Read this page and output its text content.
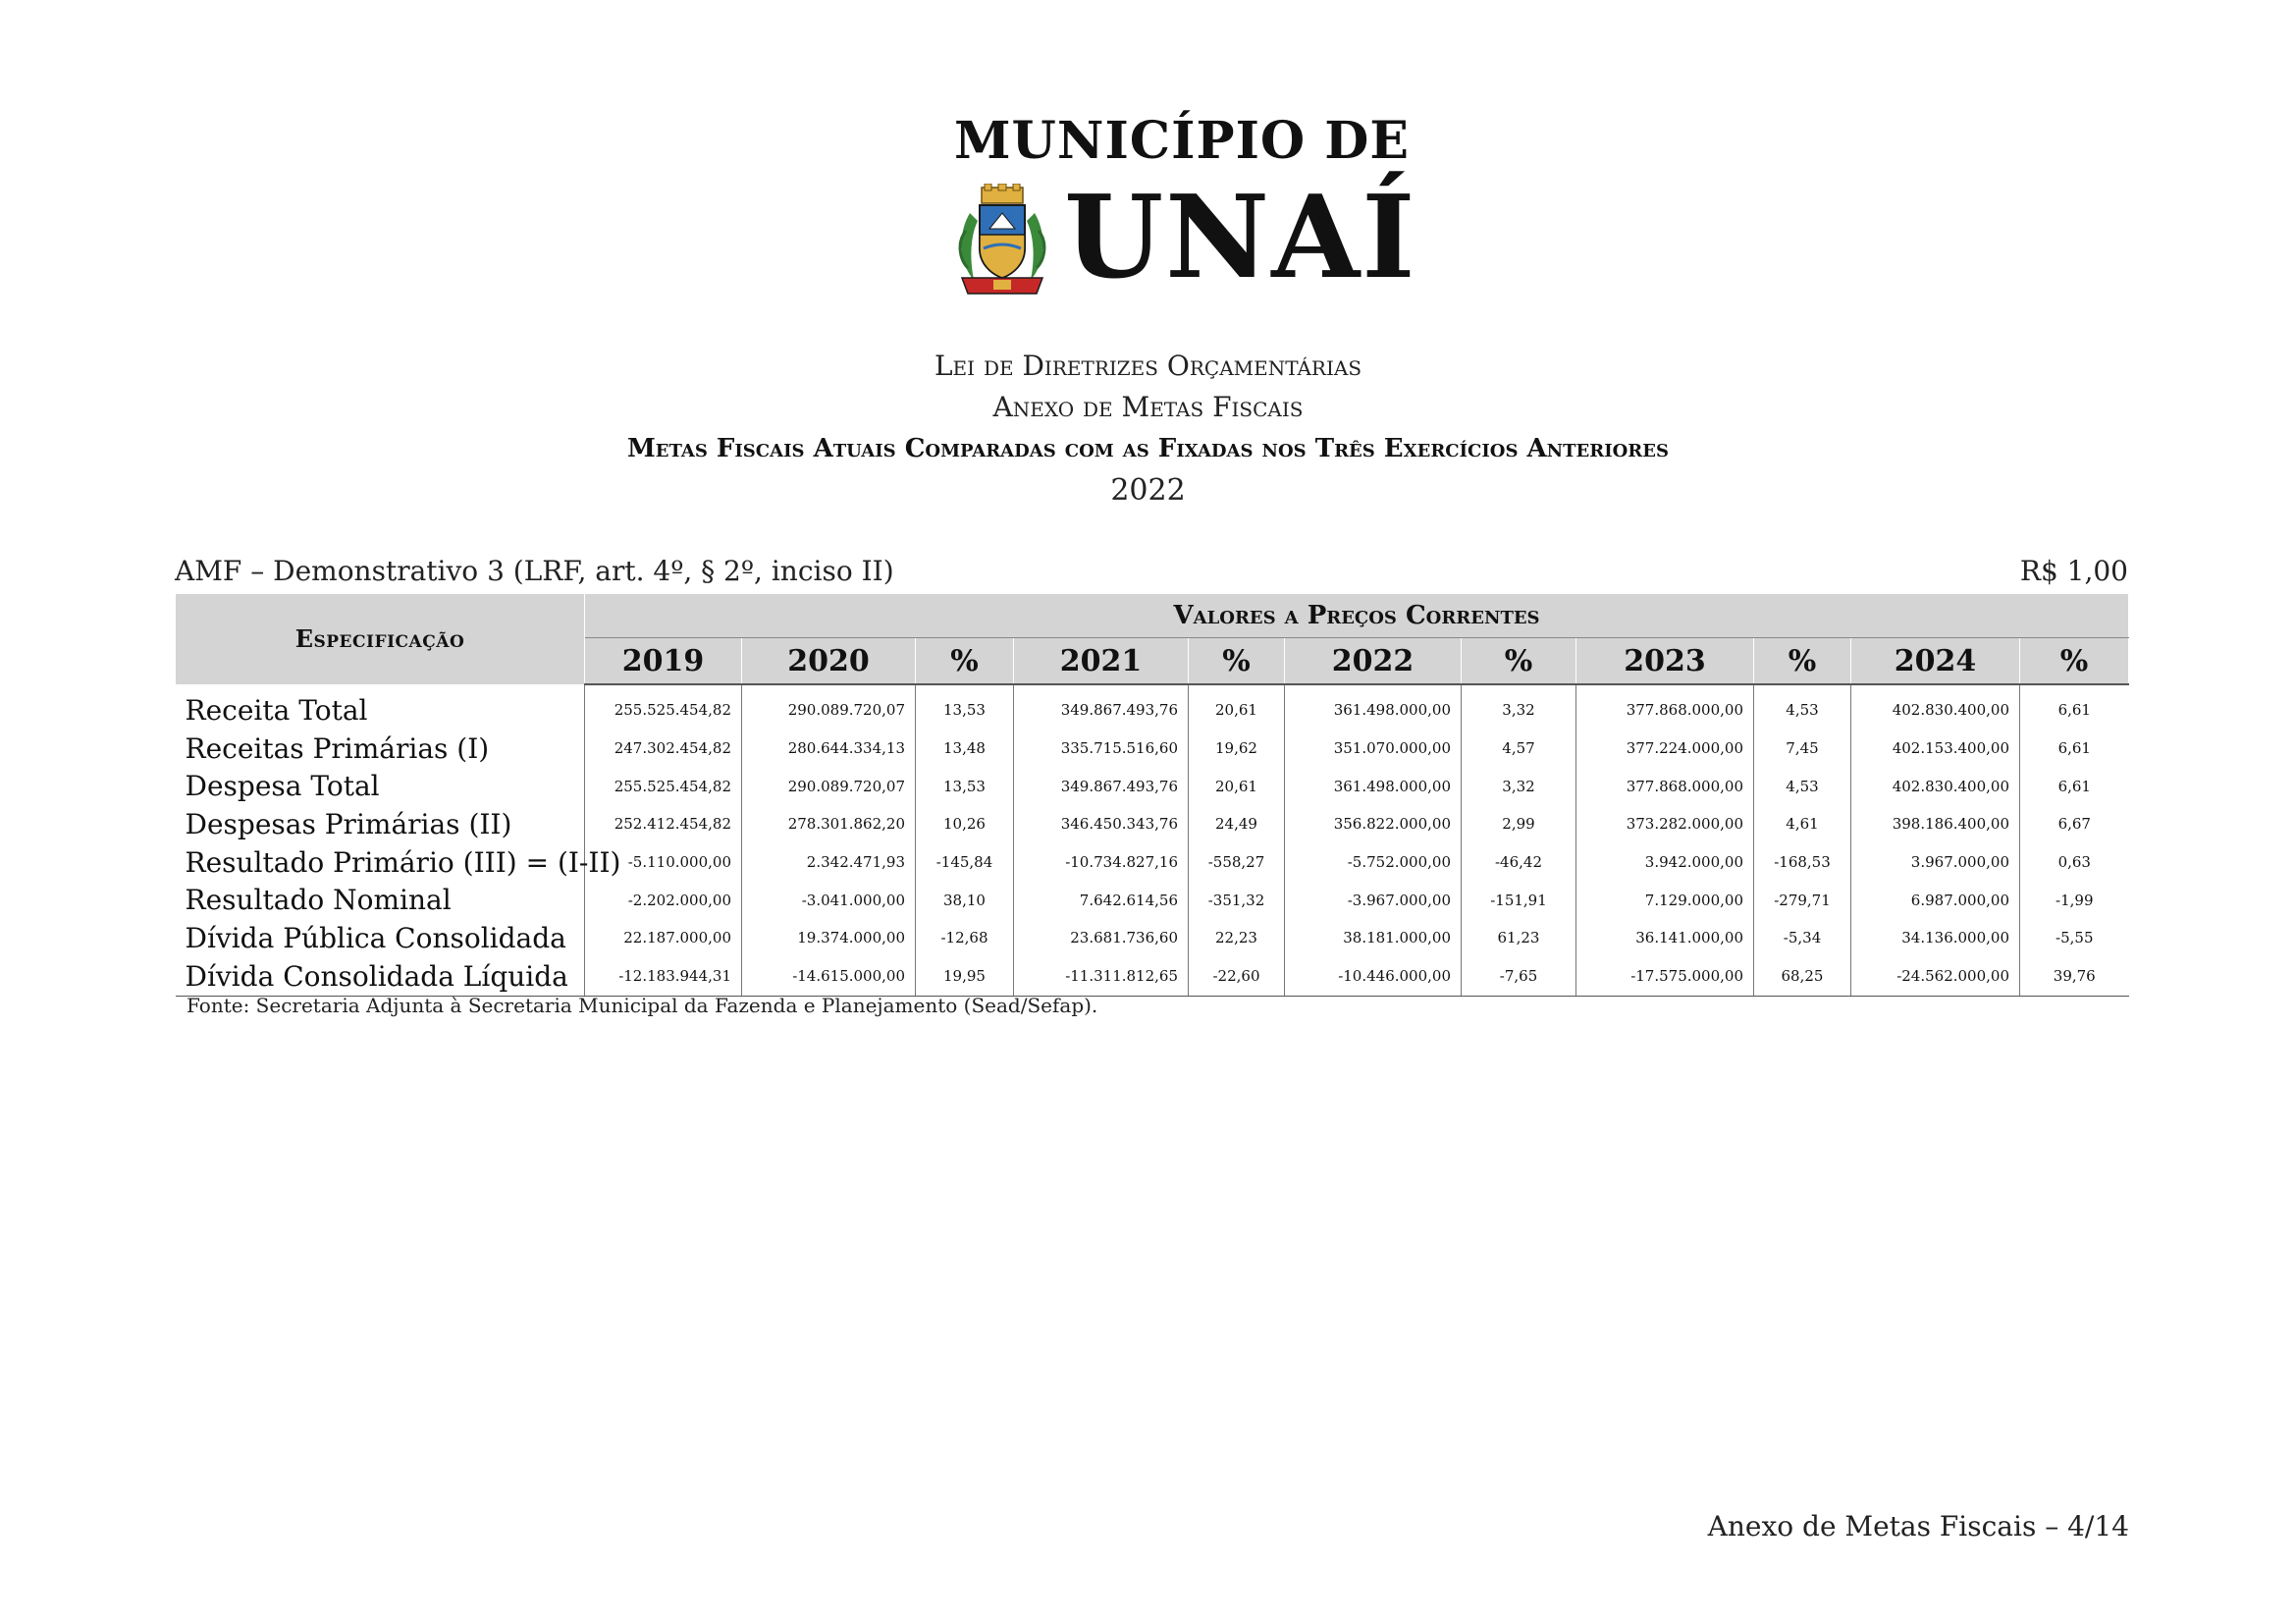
MUNICÍPIO DE
UNAÍ
Lei de Diretrizes Orçamentárias
Anexo de Metas Fiscais
Metas Fiscais Atuais Comparadas com as Fixadas nos Três Exercícios Anteriores
2022
AMF – Demonstrativo 3 (LRF, art. 4º, § 2º, inciso II)	R$ 1,00
Especificação	Valores a Preços Correntes										
	2019	2020	%	2021	%	2022	%	2023	%	2024	%
Receita Total	255.525.454,82	290.089.720,07	13,53	349.867.493,76	20,61	361.498.000,00	3,32	377.868.000,00	4,53	402.830.400,00	6,61
Receitas Primárias (I)	247.302.454,82	280.644.334,13	13,48	335.715.516,60	19,62	351.070.000,00	4,57	377.224.000,00	7,45	402.153.400,00	6,61
Despesa Total	255.525.454,82	290.089.720,07	13,53	349.867.493,76	20,61	361.498.000,00	3,32	377.868.000,00	4,53	402.830.400,00	6,61
Despesas Primárias (II)	252.412.454,82	278.301.862,20	10,26	346.450.343,76	24,49	356.822.000,00	2,99	373.282.000,00	4,61	398.186.400,00	6,67
Resultado Primário (III) = (I-II)	-5.110.000,00	2.342.471,93	-145,84	-10.734.827,16	-558,27	-5.752.000,00	-46,42	3.942.000,00	-168,53	3.967.000,00	0,63
Resultado Nominal	-2.202.000,00	-3.041.000,00	38,10	7.642.614,56	-351,32	-3.967.000,00	-151,91	7.129.000,00	-279,71	6.987.000,00	-1,99
Dívida Pública Consolidada	22.187.000,00	19.374.000,00	-12,68	23.681.736,60	22,23	38.181.000,00	61,23	36.141.000,00	-5,34	34.136.000,00	-5,55
Dívida Consolidada Líquida	-12.183.944,31	-14.615.000,00	19,95	-11.311.812,65	-22,60	-10.446.000,00	-7,65	-17.575.000,00	68,25	-24.562.000,00	39,76
Fonte: Secretaria Adjunta à Secretaria Municipal da Fazenda e Planejamento (Sead/Sefap).
Anexo de Metas Fiscais – 4/14
